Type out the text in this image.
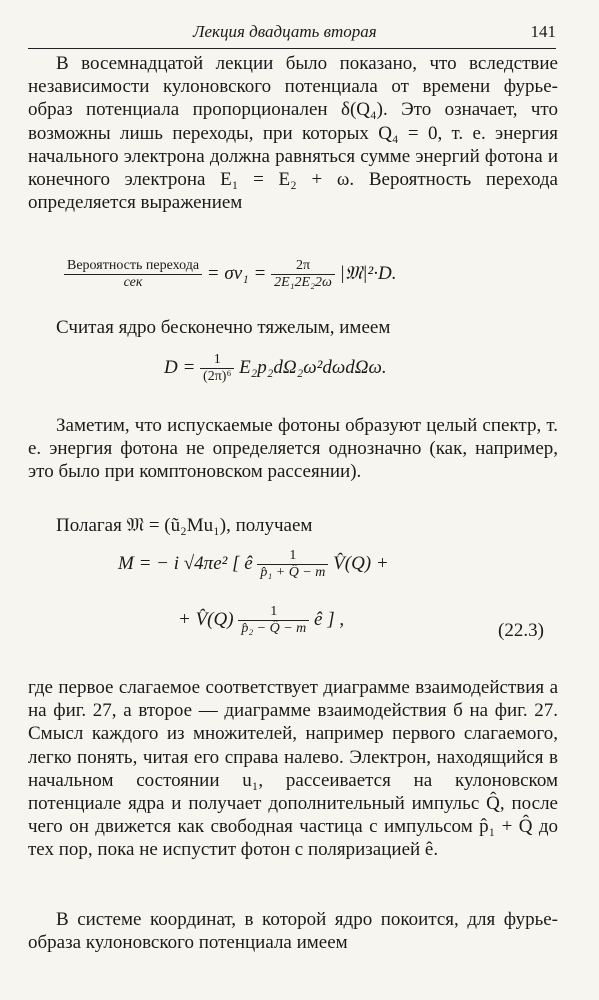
Лекция двадцать вторая	141

В восемнадцатой лекции было показано, что вследствие независимости кулоновского потенциала от времени фурье-образ потенциала пропорционален δ(Q₄). Это означает, что возможны лишь переходы, при которых Q₄ = 0, т. е. энергия начального электрона должна равняться сумме энергий фотона и конечного электрона E₁ = E₂ + ω. Вероятность перехода определяется выражением

$\frac{\text{Вероятность перехода}}{\text{сек}} = \sigma v_1 = \frac{2\pi}{\text{2E₁2E₂2ω}}$ |𝔐|²·D.

Считая ядро бесконечно тяжелым, имеем

$D = \frac{1}{\text{(2π)⁶}} E_2p_2d\Omega_2\omega^2d\omega d\Omega\omega$.

Заметим, что испускаемые фотоны образуют целый спектр, т. е. энергия фотона не определяется однозначно (как, например, это было при комптоновском рассеянии).

Полагая 𝔐 = (ũ₂Mu₁), получаем

M = − i √4πe² [ ê $\frac{1}{\text{p̂₁ + Q̂ − m}}$ V̂(Q) +
+ V̂(Q) $\frac{1}{\text{p̂₂ − Q̂ − m}}$ ê ] ,
(22.3)

где первое слагаемое соответствует диаграмме взаимодействия а на фиг. 27, а второе — диаграмме взаимодействия б на фиг. 27. Смысл каждого из множителей, например первого слагаемого, легко понять, читая его справа налево. Электрон, находящийся в начальном состоянии u₁, рассеивается на кулоновском потенциале ядра и получает дополнительный импульс Q̂, после чего он движется как свободная частица с импульсом p̂₁ + Q̂ до тех пор, пока не испустит фотон с поляризацией ê.

В системе координат, в которой ядро покоится, для фурье-образа кулоновского потенциала имеем
